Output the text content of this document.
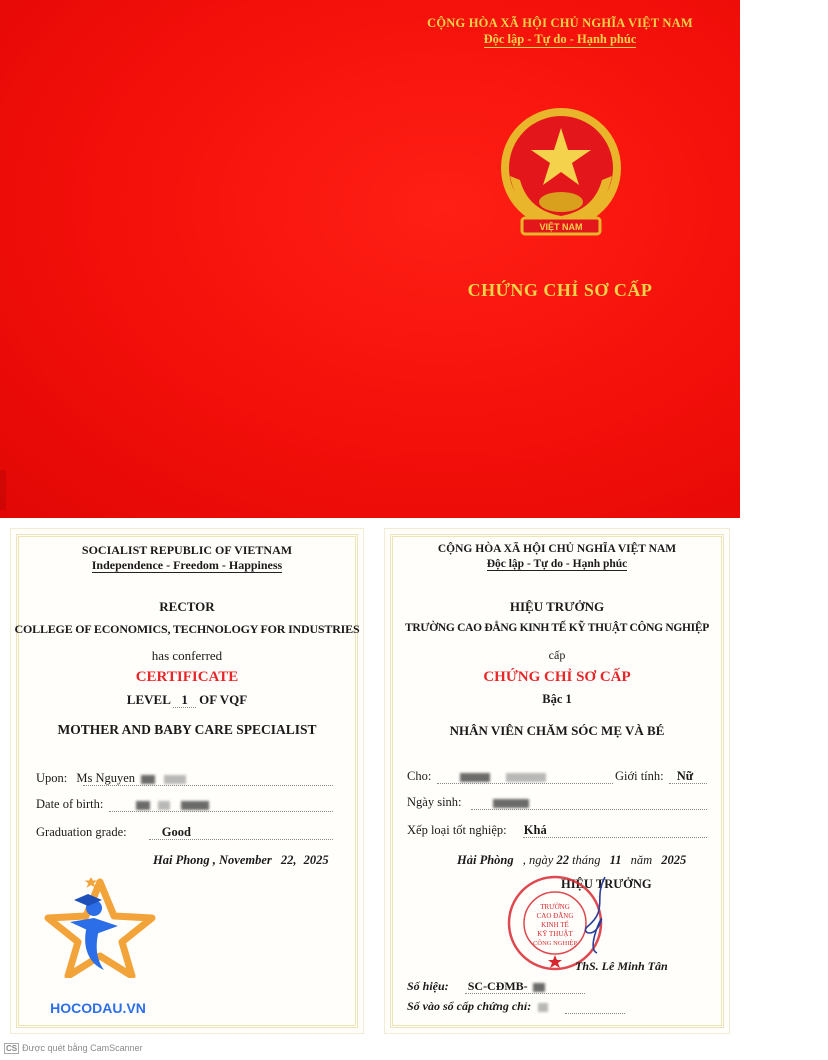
CỘNG HÒA XÃ HỘI CHỦ NGHĨA VIỆT NAM
Độc lập - Tự do - Hạnh phúc
VIỆT NAM
CHỨNG CHỈ SƠ CẤP
SOCIALIST REPUBLIC OF VIETNAM
Independence - Freedom - Happiness
RECTOR
COLLEGE OF ECONOMICS, TECHNOLOGY FOR INDUSTRIES
has conferred
CERTIFICATE
LEVEL 1 OF VQF
MOTHER AND BABY CARE SPECIALIST
Upon: Ms Nguyen
Date of birth:
Graduation grade:	Good
Hai Phong , November 22, 2025
CỘNG HÒA XÃ HỘI CHỦ NGHĨA VIỆT NAM
Độc lập - Tự do - Hạnh phúc
HIỆU TRƯỞNG
TRƯỜNG CAO ĐẲNG KINH TẾ KỸ THUẬT CÔNG NGHIỆP
cấp
CHỨNG CHỈ SƠ CẤP
Bậc 1
NHÂN VIÊN CHĂM SÓC MẸ VÀ BÉ
Cho:	Giới tính: Nữ
Ngày sinh:
Xếp loại tốt nghiệp: Khá
Hải Phòng , ngày 22 tháng 11 năm 2025
HIỆU TRƯỞNG
TRƯỜNG
CAO ĐẲNG
KINH TẾ
KỸ THUẬT
CÔNG NGHIỆP
ThS. Lê Minh Tân
Số hiệu: SC-CĐMB-
Số vào sổ cấp chứng chỉ:
HOCODAU.VN
CS Được quét bằng CamScanner
